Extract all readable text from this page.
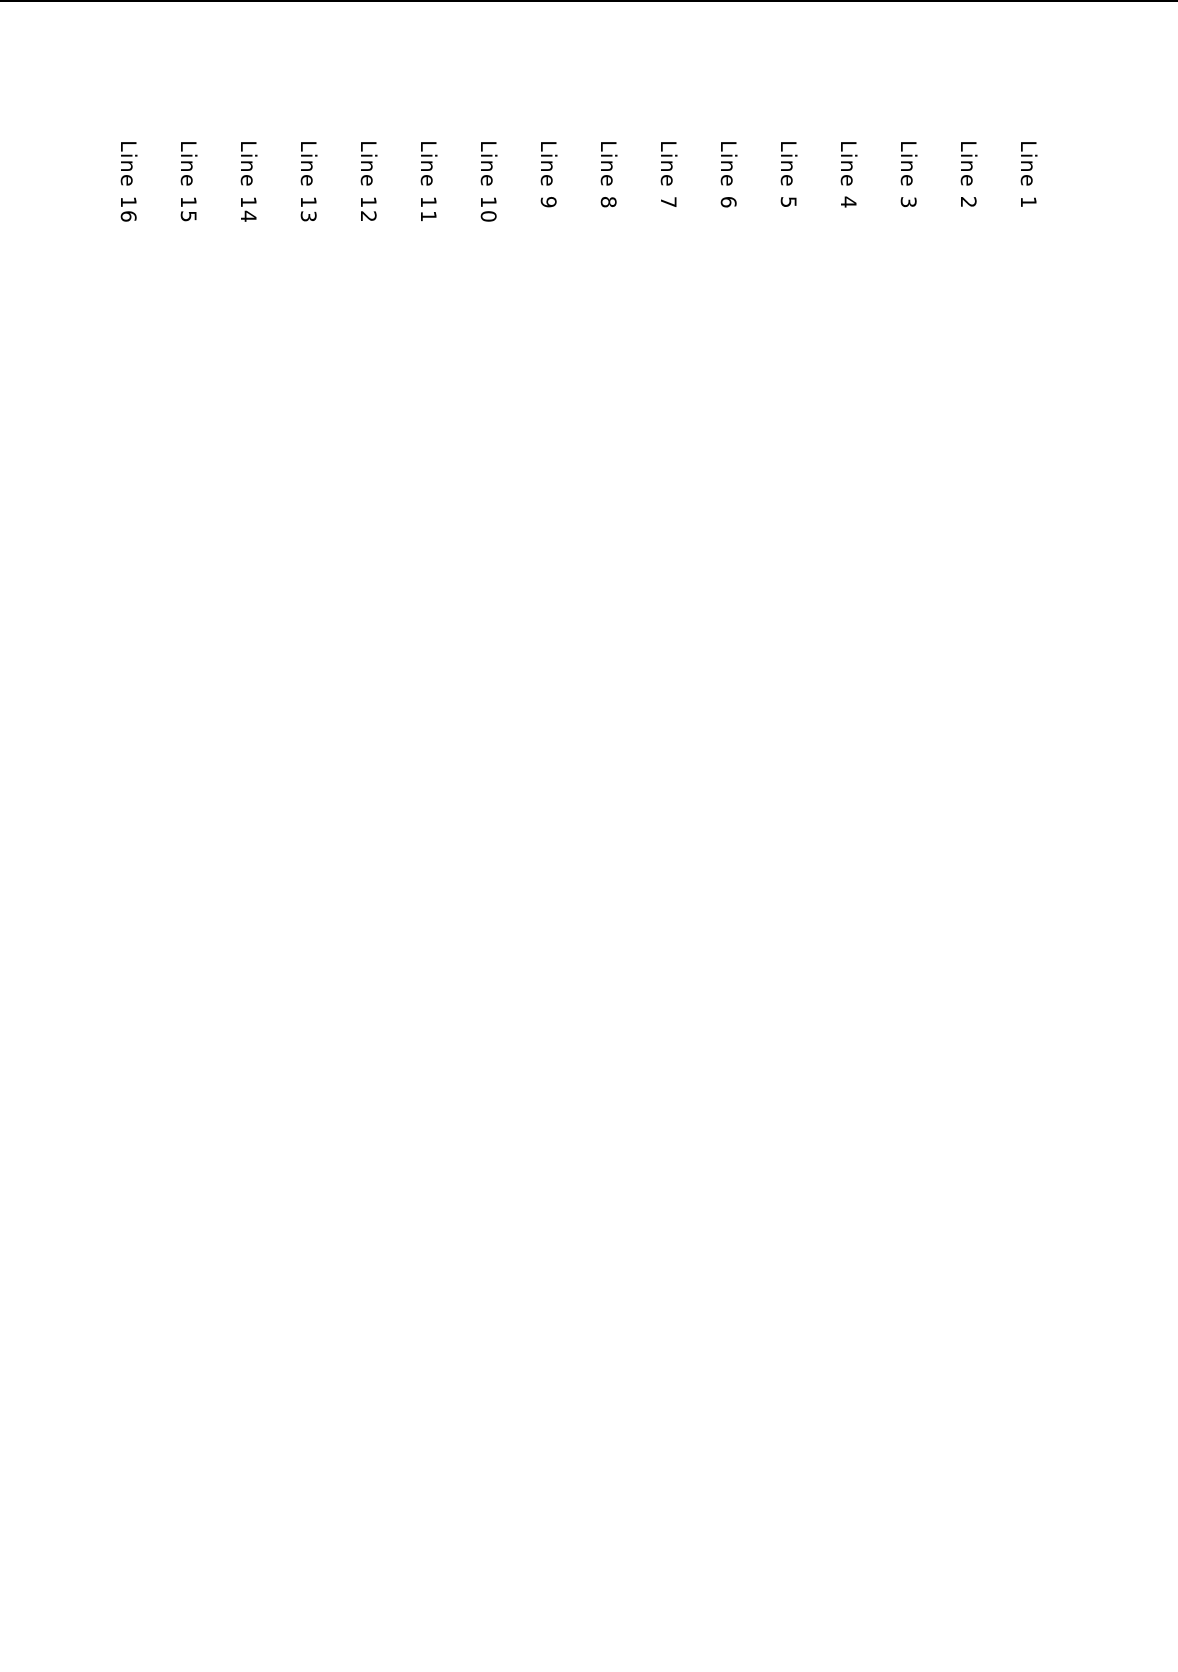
Line 1
Line 2
Line 3
Line 4
Line 5
Line 6
Line 7
Line 8
Line 9
Line 10
Line 11
Line 12
Line 13
Line 14
Line 15
Line 16
